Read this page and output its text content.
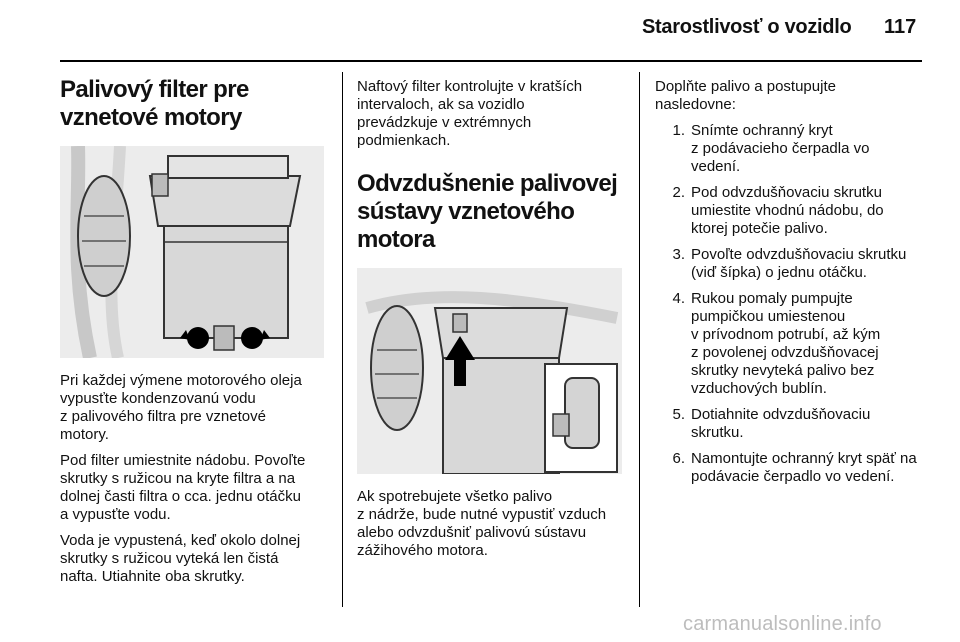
Starostlivosť o vozidlo 117
Palivový filter pre vznetové motory

Pri každej výmene motorového oleja
vypusťte kondenzovanú vodu
z palivového filtra pre vznetové
motory.

Pod filter umiestnite nádobu. Povoľte
skrutky s ružicou na kryte filtra a na
dolnej časti filtra o cca. jednu otáčku
a vypusťte vodu.

Voda je vypustená, keď okolo dolnej
skrutky s ružicou vyteká len čistá
nafta. Utiahnite oba skrutky.

Naftový filter kontrolujte v kratších
intervaloch, ak sa vozidlo
prevádzkuje v extrémnych
podmienkach.

Odvzdušnenie palivovej sústavy vznetového motora

Ak spotrebujete všetko palivo
z nádrže, bude nutné vypustiť vzduch
alebo odvzdušniť palivovú sústavu
zážihového motora.

Doplňte palivo a postupujte
nasledovne:

1. Snímte ochranný kryt
z podávacieho čerpadla vo
vedení.
2. Pod odvzdušňovaciu skrutku
umiestite vhodnú nádobu, do
ktorej potečie palivo.
3. Povoľte odvzdušňovaciu skrutku
(viď šípka) o jednu otáčku.
4. Rukou pomaly pumpujte
pumpičkou umiestenou
v prívodnom potrubí, až kým
z povolenej odvzdušňovacej
skrutky nevyteká palivo bez
vzduchových bublín.
5. Dotiahnite odvzdušňovaciu
skrutku.
6. Namontujte ochranný kryt späť na
podávacie čerpadlo vo vedení.
carmanualsonline.info
